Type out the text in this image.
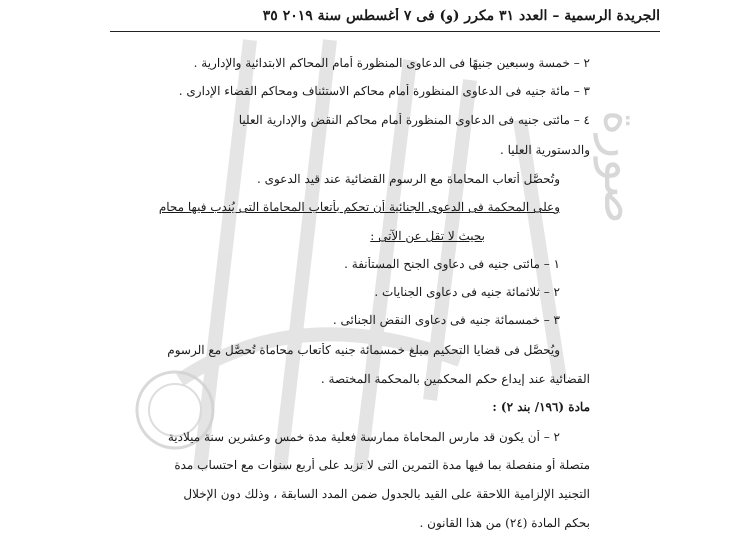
صورة
الجريدة الرسمية – العدد ٣١ مكرر (و) فى ٧ أغسطس سنة ٢٠١٩ ٣٥
٢ – خمسة وسبعين جنيهًا فى الدعاوى المنظورة أمام المحاكم الابتدائية والإدارية .
٣ – مائة جنيه فى الدعاوى المنظورة أمام محاكم الاستئناف ومحاكم القضاء الإدارى .
٤ – مائتى جنيه فى الدعاوى المنظورة أمام محاكم النقض والإدارية العليا
والدستورية العليا .
وتُحصَّل أتعاب المحاماة مع الرسوم القضائية عند قيد الدعوى .
وعلى المحكمة فى الدعوى الجنائية أن تحكم بأتعاب المحاماة التى يُندب فيها محامٍ
بحيث لا تقل عن الآتى :
١ – مائتى جنيه فى دعاوى الجنح المستأنفة .
٢ – ثلاثمائة جنيه فى دعاوى الجنايات .
٣ – خمسمائة جنيه فى دعاوى النقض الجنائى .
ويُحصَّل فى قضايا التحكيم مبلغ خمسمائة جنيه كأتعاب محاماة تُحصَّل مع الرسوم
القضائية عند إيداع حكم المحكمين بالمحكمة المختصة .
مادة (١٩٦/ بند ٢) :
٢ – أن يكون قد مارس المحاماة ممارسة فعلية مدة خمس وعشرين سنة ميلادية
متصلة أو منفصلة بما فيها مدة التمرين التى لا تزيد على أربع سنوات مع احتساب مدة
التجنيد الإلزامية اللاحقة على القيد بالجدول ضمن المدد السابقة ، وذلك دون الإخلال
بحكم المادة (٢٤) من هذا القانون .
